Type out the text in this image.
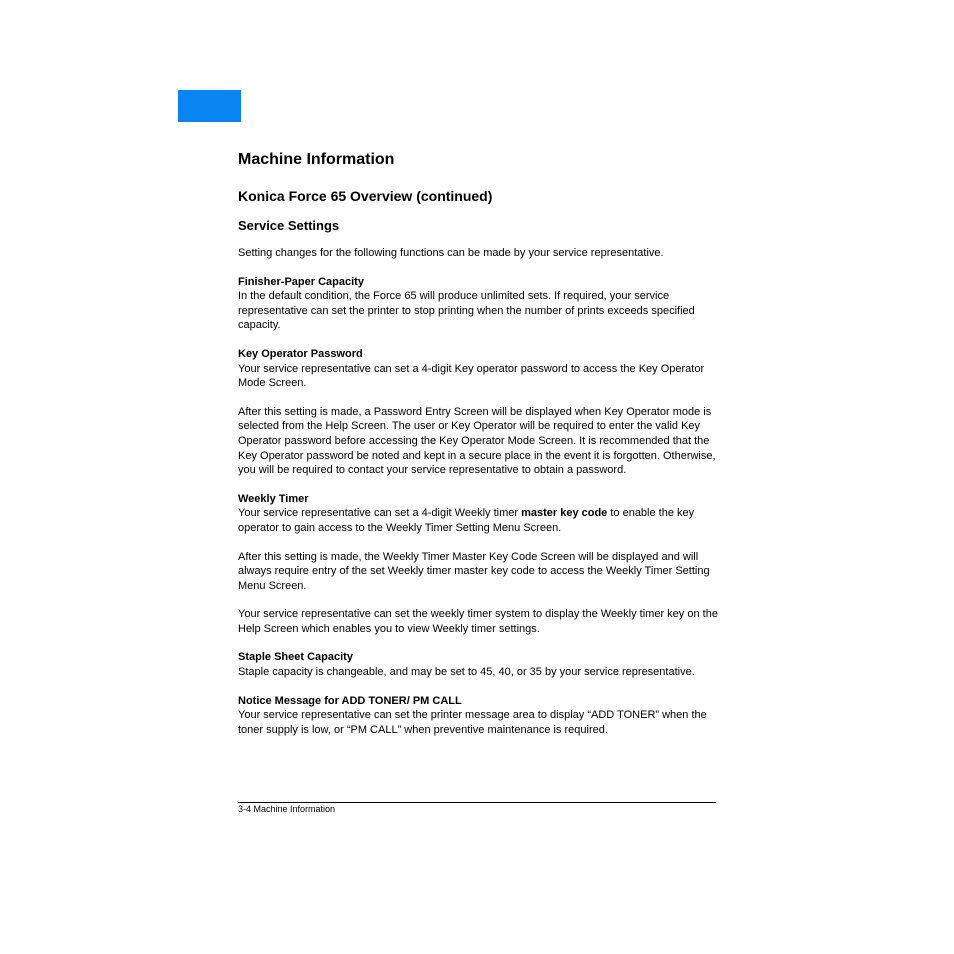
Machine Information
Konica Force 65 Overview (continued)
Service Settings

Setting changes for the following functions can be made by your service representative.

Finisher-Paper Capacity

In the default condition, the Force 65 will produce unlimited sets. If required, your service representative can set the printer to stop printing when the number of prints exceeds specified capacity.

Key Operator Password

Your service representative can set a 4-digit Key operator password to access the Key Operator Mode Screen.

After this setting is made, a Password Entry Screen will be displayed when Key Operator mode is selected from the Help Screen. The user or Key Operator will be required to enter the valid Key Operator password before accessing the Key Operator Mode Screen. It is recommended that the Key Operator password be noted and kept in a secure place in the event it is forgotten. Otherwise, you will be required to contact your service representative to obtain a password.

Weekly Timer

Your service representative can set a 4-digit Weekly timer master key code to enable the key operator to gain access to the Weekly Timer Setting Menu Screen.

After this setting is made, the Weekly Timer Master Key Code Screen will be displayed and will always require entry of the set Weekly timer master key code to access the Weekly Timer Setting Menu Screen.

Your service representative can set the weekly timer system to display the Weekly timer key on the Help Screen which enables you to view Weekly timer settings.

Staple Sheet Capacity

Staple capacity is changeable, and may be set to 45, 40, or 35 by your service representative.

Notice Message for ADD TONER/ PM CALL

Your service representative can set the printer message area to display “ADD TONER” when the toner supply is low, or “PM CALL” when preventive maintenance is required.

3-4 Machine Information
